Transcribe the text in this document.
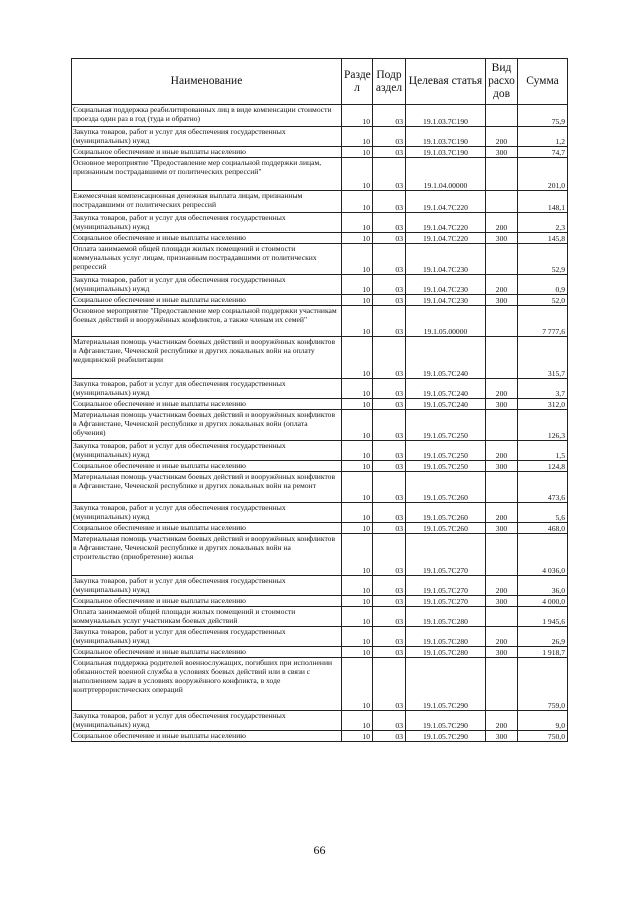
Наименование	Разде л	Подр аздел	Целевая статья	Вид расхо дов	Сумма
Социальная поддержка реабилитированных лиц в виде компенсации стоимости проезда один раз в год (туда и обратно)	10	03	19.1.03.7С190		75,9
Закупка товаров, работ и услуг для обеспечения государственных (муниципальных) нужд	10	03	19.1.03.7С190	200	1,2
Социальное обеспечение и иные выплаты населению	10	03	19.1.03.7С190	300	74,7
Основное мероприятие "Предоставление мер социальной поддержки лицам, признанным пострадавшими от политических репрессий"	10	03	19.1.04.00000		201,0
Ежемесячная компенсационная денежная выплата лицам, признанным пострадавшими от политических репрессий	10	03	19.1.04.7С220		148,1
Закупка товаров, работ и услуг для обеспечения государственных (муниципальных) нужд	10	03	19.1.04.7С220	200	2,3
Социальное обеспечение и иные выплаты населению	10	03	19.1.04.7С220	300	145,8
Оплата занимаемой общей площади жилых помещений и стоимости коммунальных услуг лицам, признанным пострадавшими от политических репрессий	10	03	19.1.04.7С230		52,9
Закупка товаров, работ и услуг для обеспечения государственных (муниципальных) нужд	10	03	19.1.04.7С230	200	0,9
Социальное обеспечение и иные выплаты населению	10	03	19.1.04.7С230	300	52,0
Основное мероприятие "Предоставление мер социальной поддержки участникам боевых действий и вооружённых конфликтов, а также членам их семей"	10	03	19.1.05.00000		7 777,6
Материальная помощь участникам боевых действий и вооружённых конфликтов в Афганистане, Чеченской республике и других локальных войн на оплату медицинской реабилитации	10	03	19.1.05.7С240		315,7
Закупка товаров, работ и услуг для обеспечения государственных (муниципальных) нужд	10	03	19.1.05.7С240	200	3,7
Социальное обеспечение и иные выплаты населению	10	03	19.1.05.7С240	300	312,0
Материальная помощь участникам боевых действий и вооружённых конфликтов в Афганистане, Чеченской республике и других локальных войн (оплата обучения)	10	03	19.1.05.7С250		126,3
Закупка товаров, работ и услуг для обеспечения государственных (муниципальных) нужд	10	03	19.1.05.7С250	200	1,5
Социальное обеспечение и иные выплаты населению	10	03	19.1.05.7С250	300	124,8
Материальная помощь участникам боевых действий и вооружённых конфликтов в Афганистане, Чеченской республике и других локальных войн на ремонт	10	03	19.1.05.7С260		473,6
Закупка товаров, работ и услуг для обеспечения государственных (муниципальных) нужд	10	03	19.1.05.7С260	200	5,6
Социальное обеспечение и иные выплаты населению	10	03	19.1.05.7С260	300	468,0
Материальная помощь участникам боевых действий и вооружённых конфликтов в Афганистане, Чеченской республике и других локальных войн на строительство (приобретение) жилья	10	03	19.1.05.7С270		4 036,0
Закупка товаров, работ и услуг для обеспечения государственных (муниципальных) нужд	10	03	19.1.05.7С270	200	36,0
Социальное обеспечение и иные выплаты населению	10	03	19.1.05.7С270	300	4 000,0
Оплата занимаемой общей площади жилых помещений и стоимости коммунальных услуг участникам боевых действий	10	03	19.1.05.7С280		1 945,6
Закупка товаров, работ и услуг для обеспечения государственных (муниципальных) нужд	10	03	19.1.05.7С280	200	26,9
Социальное обеспечение и иные выплаты населению	10	03	19.1.05.7С280	300	1 918,7
Социальная поддержка родителей военнослужащих, погибших при исполнении обязанностей военной службы в условиях боевых действий или в связи с выполнением задач в условиях вооружённого конфликта, в ходе контртеррористических операций	10	03	19.1.05.7С290		759,0
Закупка товаров, работ и услуг для обеспечения государственных (муниципальных) нужд	10	03	19.1.05.7С290	200	9,0
Социальное обеспечение и иные выплаты населению	10	03	19.1.05.7С290	300	750,0
66
